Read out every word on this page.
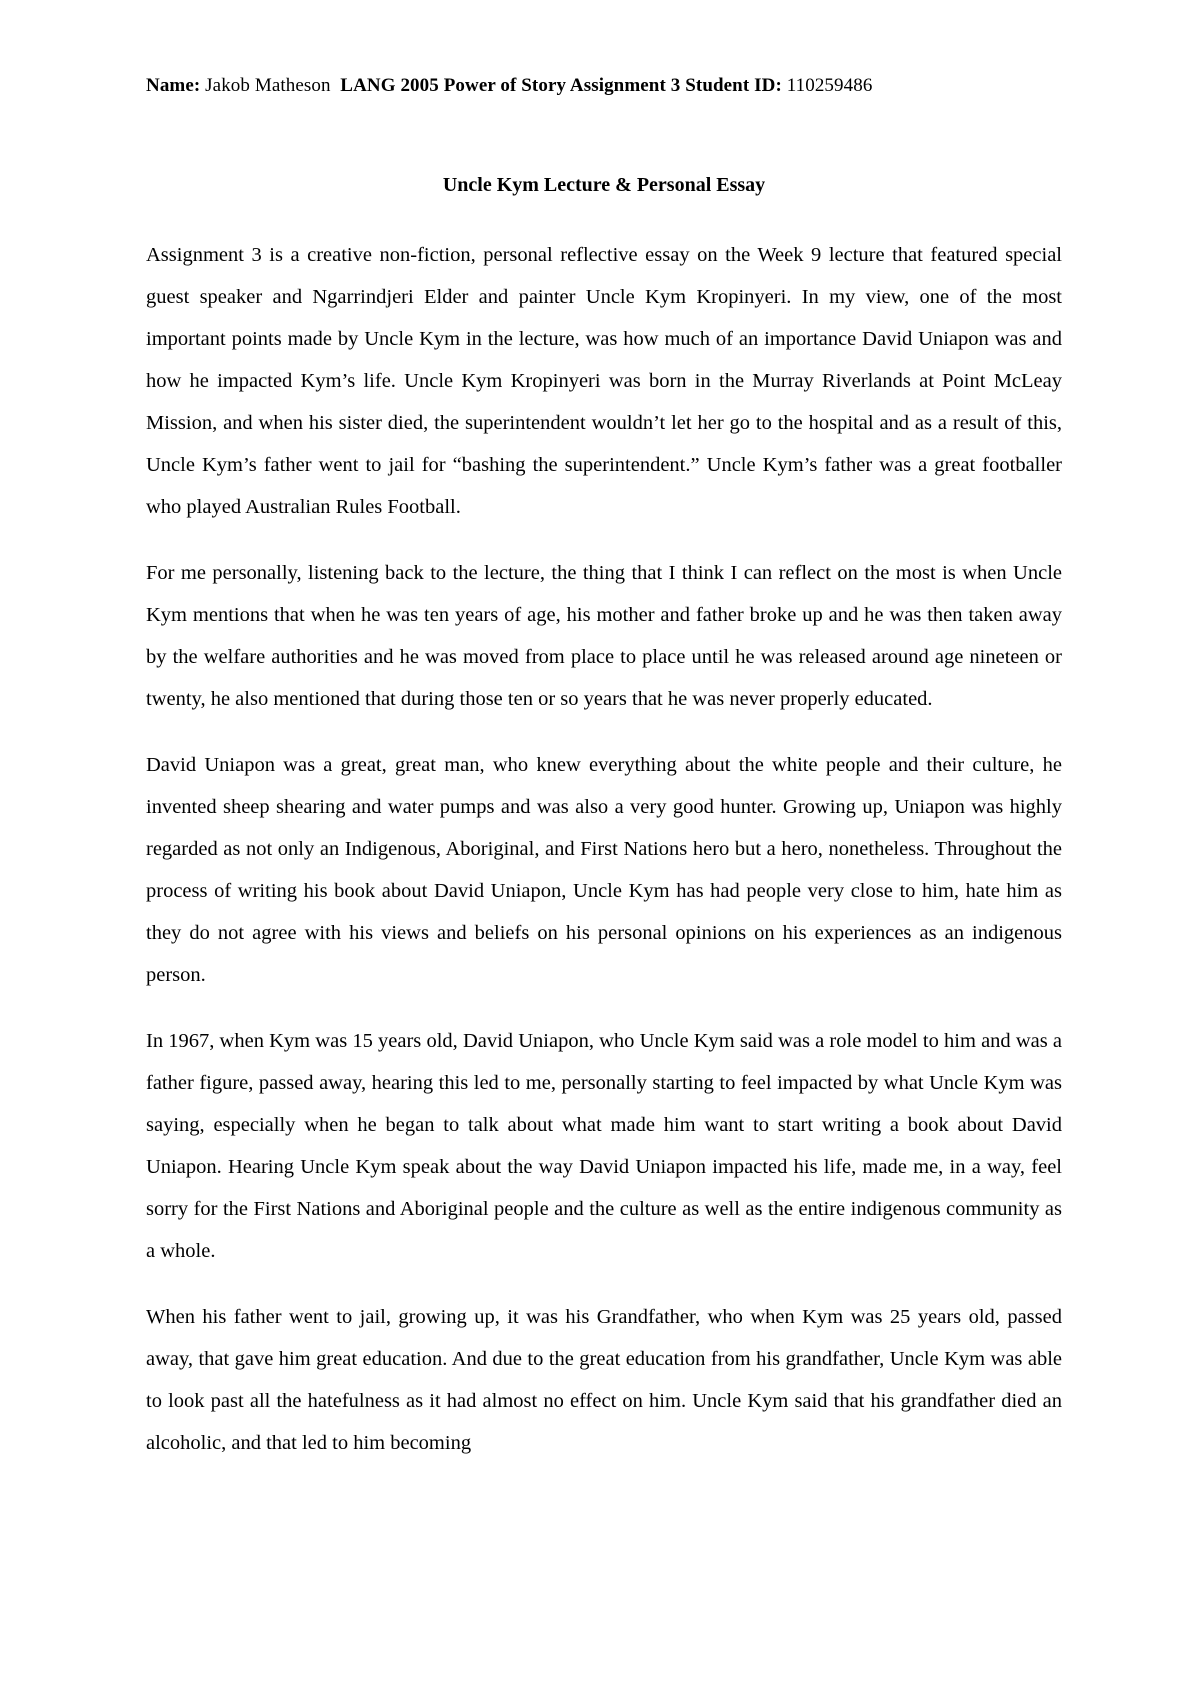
Name: Jakob Matheson LANG 2005 Power of Story Assignment 3 Student ID: 110259486
Uncle Kym Lecture & Personal Essay

Assignment 3 is a creative non-fiction, personal reflective essay on the Week 9 lecture that featured special guest speaker and Ngarrindjeri Elder and painter Uncle Kym Kropinyeri. In my view, one of the most important points made by Uncle Kym in the lecture, was how much of an importance David Uniapon was and how he impacted Kym’s life. Uncle Kym Kropinyeri was born in the Murray Riverlands at Point McLeay Mission, and when his sister died, the superintendent wouldn’t let her go to the hospital and as a result of this, Uncle Kym’s father went to jail for “bashing the superintendent.” Uncle Kym’s father was a great footballer who played Australian Rules Football.

For me personally, listening back to the lecture, the thing that I think I can reflect on the most is when Uncle Kym mentions that when he was ten years of age, his mother and father broke up and he was then taken away by the welfare authorities and he was moved from place to place until he was released around age nineteen or twenty, he also mentioned that during those ten or so years that he was never properly educated.

David Uniapon was a great, great man, who knew everything about the white people and their culture, he invented sheep shearing and water pumps and was also a very good hunter. Growing up, Uniapon was highly regarded as not only an Indigenous, Aboriginal, and First Nations hero but a hero, nonetheless. Throughout the process of writing his book about David Uniapon, Uncle Kym has had people very close to him, hate him as they do not agree with his views and beliefs on his personal opinions on his experiences as an indigenous person.

In 1967, when Kym was 15 years old, David Uniapon, who Uncle Kym said was a role model to him and was a father figure, passed away, hearing this led to me, personally starting to feel impacted by what Uncle Kym was saying, especially when he began to talk about what made him want to start writing a book about David Uniapon. Hearing Uncle Kym speak about the way David Uniapon impacted his life, made me, in a way, feel sorry for the First Nations and Aboriginal people and the culture as well as the entire indigenous community as a whole.

When his father went to jail, growing up, it was his Grandfather, who when Kym was 25 years old, passed away, that gave him great education. And due to the great education from his grandfather, Uncle Kym was able to look past all the hatefulness as it had almost no effect on him. Uncle Kym said that his grandfather died an alcoholic, and that led to him becoming
